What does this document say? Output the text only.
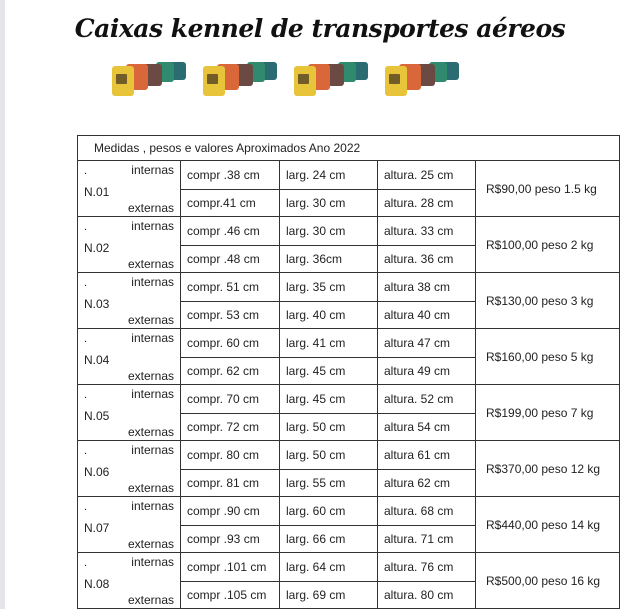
Caixas kennel de transportes aéreos
Medidas , pesos e valores Aproximados Ano 2022					

.
N.01	internas	compr .38 cm	larg. 24 cm	altura. 25 cm	R$90,00 peso 1.5 kg
	externas	compr.41 cm	larg. 30 cm	altura. 28 cm	

.
N.02	internas	compr .46 cm	larg. 30 cm	altura. 33 cm	R$100,00 peso 2 kg
	externas	compr .48 cm	larg. 36cm	altura. 36 cm	

.
N.03	internas	compr. 51 cm	larg. 35 cm	altura 38 cm	R$130,00 peso 3 kg
	externas	compr. 53 cm	larg. 40 cm	altura 40 cm	

.
N.04	internas	compr. 60 cm	larg. 41 cm	altura 47 cm	R$160,00 peso 5 kg
	externas	compr. 62 cm	larg. 45 cm	altura 49 cm	

.
N.05	internas	compr. 70 cm	larg. 45 cm	altura. 52 cm	R$199,00 peso 7 kg
	externas	compr. 72 cm	larg. 50 cm	altura 54 cm	

.
N.06	internas	compr. 80 cm	larg. 50 cm	altura 61 cm	R$370,00 peso 12 kg
	externas	compr. 81 cm	larg. 55 cm	altura 62 cm	

.
N.07	internas	compr .90 cm	larg. 60 cm	altura. 68 cm	R$440,00 peso 14 kg
	externas	compr .93 cm	larg. 66 cm	altura. 71 cm	

.
N.08	internas	compr .101 cm	larg. 64 cm	altura. 76 cm	R$500,00 peso 16 kg
	externas	compr .105 cm	larg. 69 cm	altura. 80 cm	
